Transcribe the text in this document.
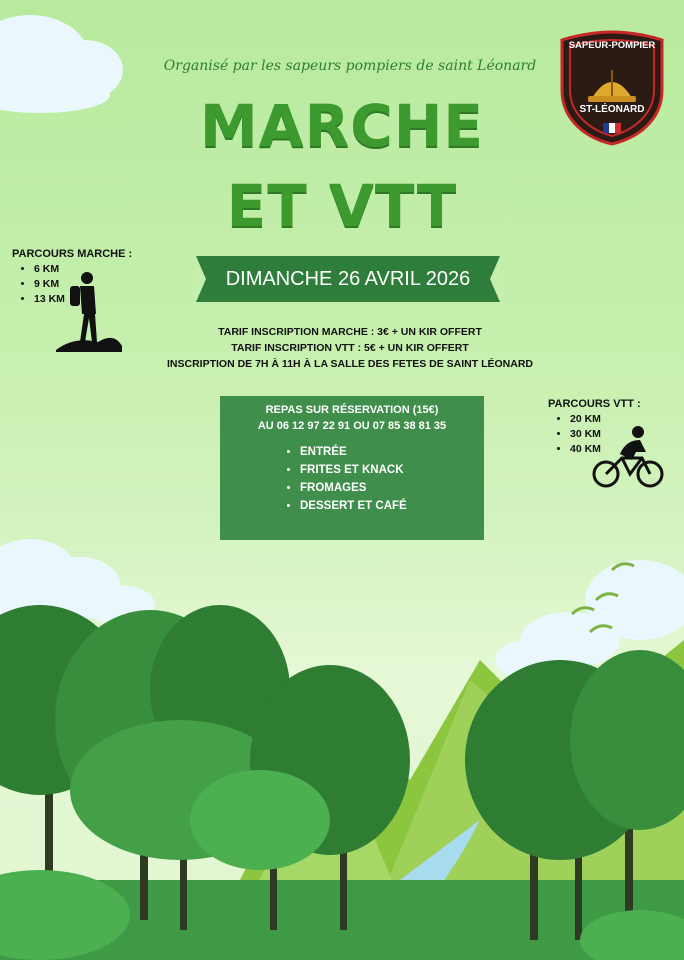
SAPEUR-POMPIER
ST-LÉONARD
Organisé par les sapeurs pompiers de saint Léonard
MARCHE
ET VTT
DIMANCHE 26 AVRIL 2026
TARIF INSCRIPTION MARCHE : 3€ + UN KIR OFFERT
TARIF INSCRIPTION VTT : 5€ + UN KIR OFFERT
INSCRIPTION DE 7H À 11H À LA SALLE DES FETES DE SAINT LÉONARD
PARCOURS MARCHE :
• 6 KM
• 9 KM
• 13 KM
PARCOURS VTT :
• 20 KM
• 30 KM
• 40 KM
REPAS SUR RÉSERVATION (15€)
AU 06 12 97 22 91 OU 07 85 38 81 35
• ENTRÉE
• FRITES ET KNACK
• FROMAGES
• DESSERT ET CAFÉ
